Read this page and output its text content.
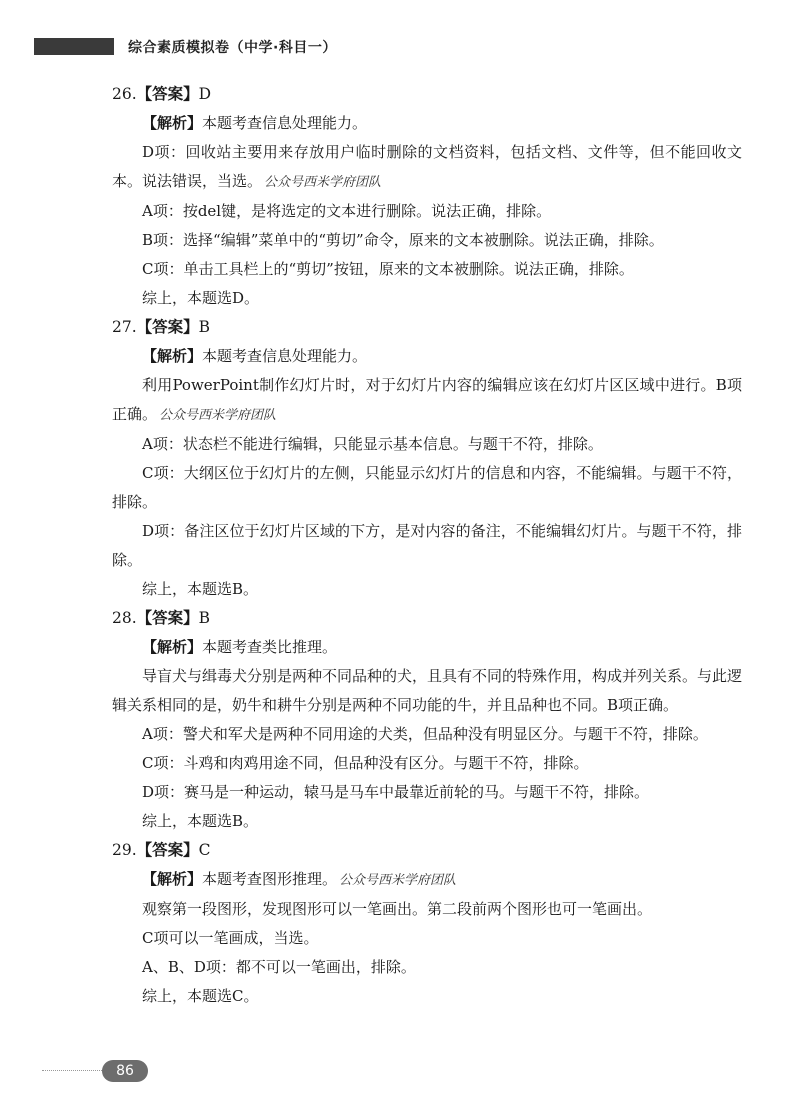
综合素质模拟卷（中学·科目一）

26.【答案】D

【解析】本题考查信息处理能力。

D项：回收站主要用来存放用户临时删除的文档资料，包括文档、文件等，但不能回收文本。说法错误，当选。 公众号西米学府团队

A项：按del键，是将选定的文本进行删除。说法正确，排除。

B项：选择“编辑”菜单中的“剪切”命令，原来的文本被删除。说法正确，排除。

C项：单击工具栏上的“剪切”按钮，原来的文本被删除。说法正确，排除。

综上，本题选D。

27.【答案】B

【解析】本题考查信息处理能力。

利用PowerPoint制作幻灯片时，对于幻灯片内容的编辑应该在幻灯片区区域中进行。B项正确。 公众号西米学府团队

A项：状态栏不能进行编辑，只能显示基本信息。与题干不符，排除。

C项：大纲区位于幻灯片的左侧，只能显示幻灯片的信息和内容，不能编辑。与题干不符，排除。

D项：备注区位于幻灯片区域的下方，是对内容的备注，不能编辑幻灯片。与题干不符，排除。

综上，本题选B。

28.【答案】B

【解析】本题考查类比推理。

导盲犬与缉毒犬分别是两种不同品种的犬，且具有不同的特殊作用，构成并列关系。与此逻辑关系相同的是，奶牛和耕牛分别是两种不同功能的牛，并且品种也不同。B项正确。

A项：警犬和军犬是两种不同用途的犬类，但品种没有明显区分。与题干不符，排除。

C项：斗鸡和肉鸡用途不同，但品种没有区分。与题干不符，排除。

D项：赛马是一种运动，辕马是马车中最靠近前轮的马。与题干不符，排除。

综上，本题选B。

29.【答案】C

【解析】本题考查图形推理。 公众号西米学府团队

观察第一段图形，发现图形可以一笔画出。第二段前两个图形也可一笔画出。

C项可以一笔画成，当选。

A、B、D项：都不可以一笔画出，排除。

综上，本题选C。

86
